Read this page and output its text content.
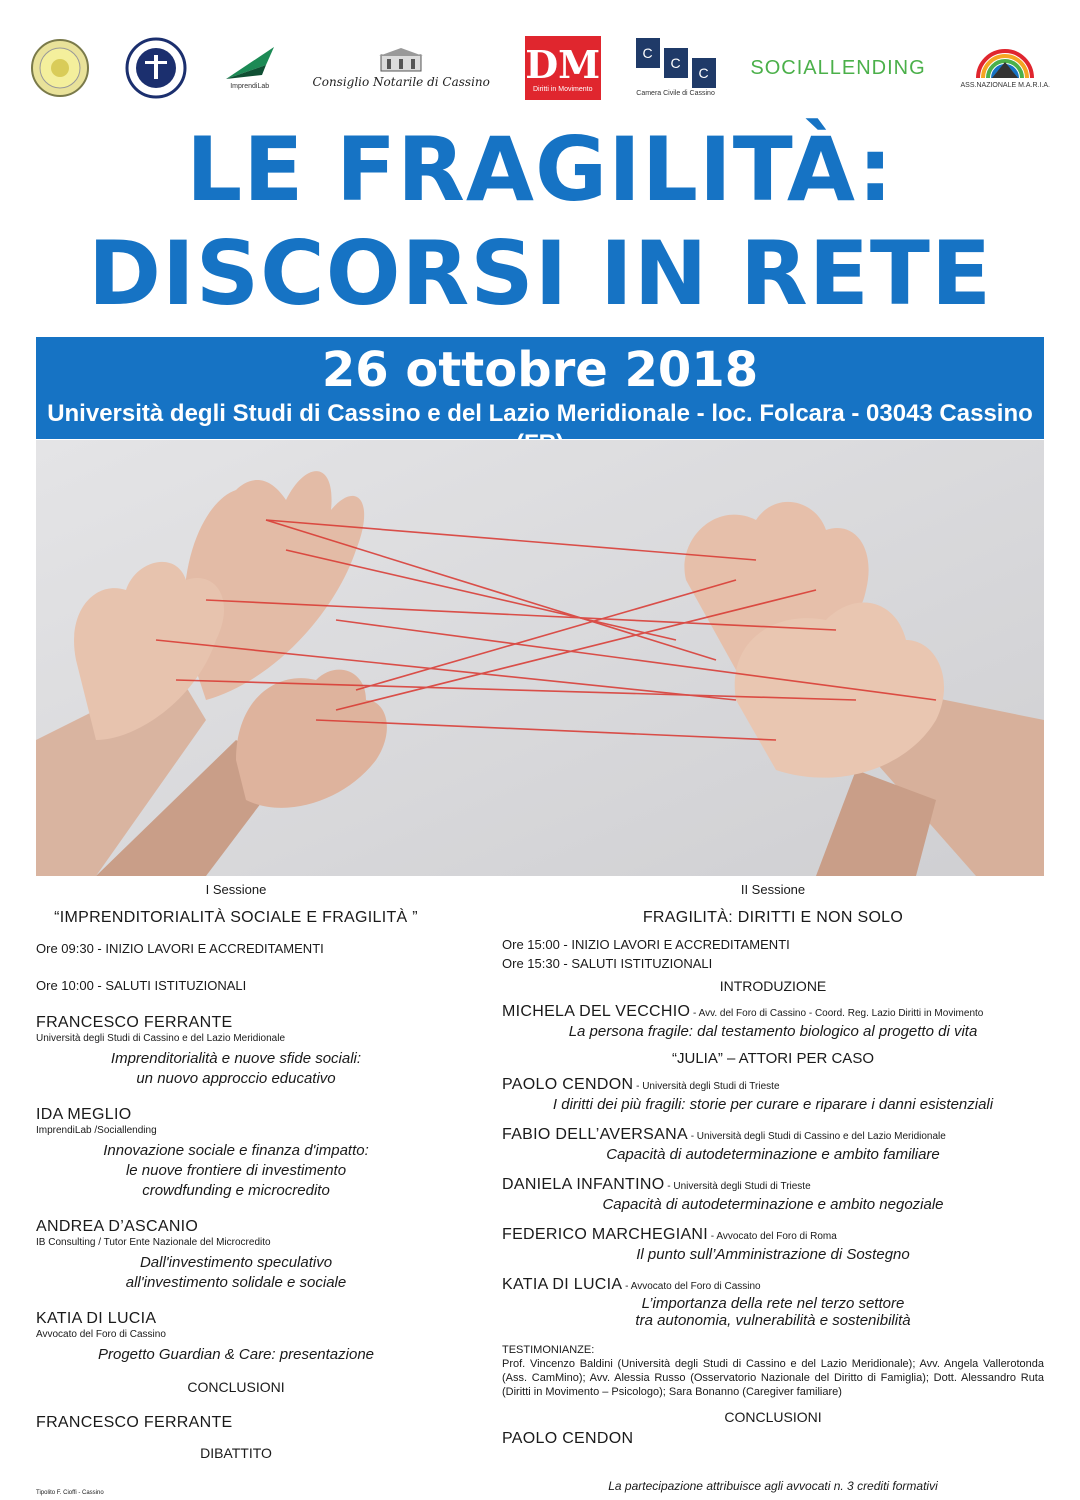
ImprendiLab	Consiglio Notarile di Cassino DM
Diritti in Movimento
C
C
C
Camera Civile di Cassino
SOCIALLENDING
ASS.NAZIONALE M.A.R.I.A.
LE FRAGILITÀ:
DISCORSI IN RETE
26 ottobre 2018
Università degli Studi di Cassino e del Lazio Meridionale - loc. Folcara - 03043 Cassino
I Sessione
“IMPRENDITORIALITÀ SOCIALE E FRAGILITÀ ”
Ore 09:30 - INIZIO LAVORI E ACCREDITAMENTI
Ore 10:00 - SALUTI ISTITUZIONALI
FRANCESCO FERRANTE
Università degli Studi di Cassino e del Lazio Meridionale
Imprenditorialità e nuove sfide sociali:
un nuovo approccio educativo
IDA MEGLIO
ImprendiLab /Sociallending
Innovazione sociale e finanza d'impatto:
le nuove frontiere di investimento
crowdfunding e microcredito
ANDREA D’ASCANIO
IB Consulting / Tutor Ente Nazionale del Microcredito
Dall'investimento speculativo
all'investimento solidale e sociale
KATIA DI LUCIA
Avvocato del Foro di Cassino
Progetto Guardian & Care: presentazione
CONCLUSIONI
FRANCESCO FERRANTE
DIBATTITO
II Sessione
FRAGILITÀ: DIRITTI E NON SOLO
Ore 15:00 - INIZIO LAVORI E ACCREDITAMENTI
Ore 15:30 - SALUTI ISTITUZIONALI
INTRODUZIONE
MICHELA DEL VECCHIO - Avv. del Foro di Cassino - Coord. Reg. Lazio Diritti in Movimento
La persona fragile: dal testamento biologico al progetto di vita
“JULIA” – ATTORI PER CASO
PAOLO CENDON - Università degli Studi di Trieste
I diritti dei più fragili: storie per curare e riparare i danni esistenziali
FABIO DELL’AVERSANA - Università degli Studi di Cassino e del Lazio Meridionale
Capacità di autodeterminazione e ambito familiare
DANIELA INFANTINO - Università degli Studi di Trieste
Capacità di autodeterminazione e ambito negoziale
FEDERICO MARCHEGIANI - Avvocato del Foro di Roma
Il punto sull’Amministrazione di Sostegno
KATIA DI LUCIA - Avvocato del Foro di Cassino
L’importanza della rete nel terzo settore
tra autonomia, vulnerabilità e sostenibilità
TESTIMONIANZE:
Prof. Vincenzo Baldini (Università degli Studi di Cassino e del Lazio Meridionale); Avv. Angela Vallerotonda (Ass. CamMino); Avv. Alessia Russo (Osservatorio Nazionale del Diritto di Famiglia); Dott. Alessandro Ruta (Diritti in Movimento – Psicologo); Sara Bonanno (Caregiver familiare)
CONCLUSIONI
PAOLO CENDON
La partecipazione attribuisce agli avvocati n. 3 crediti formativi
Tipolito F. Cioffi - Cassino
